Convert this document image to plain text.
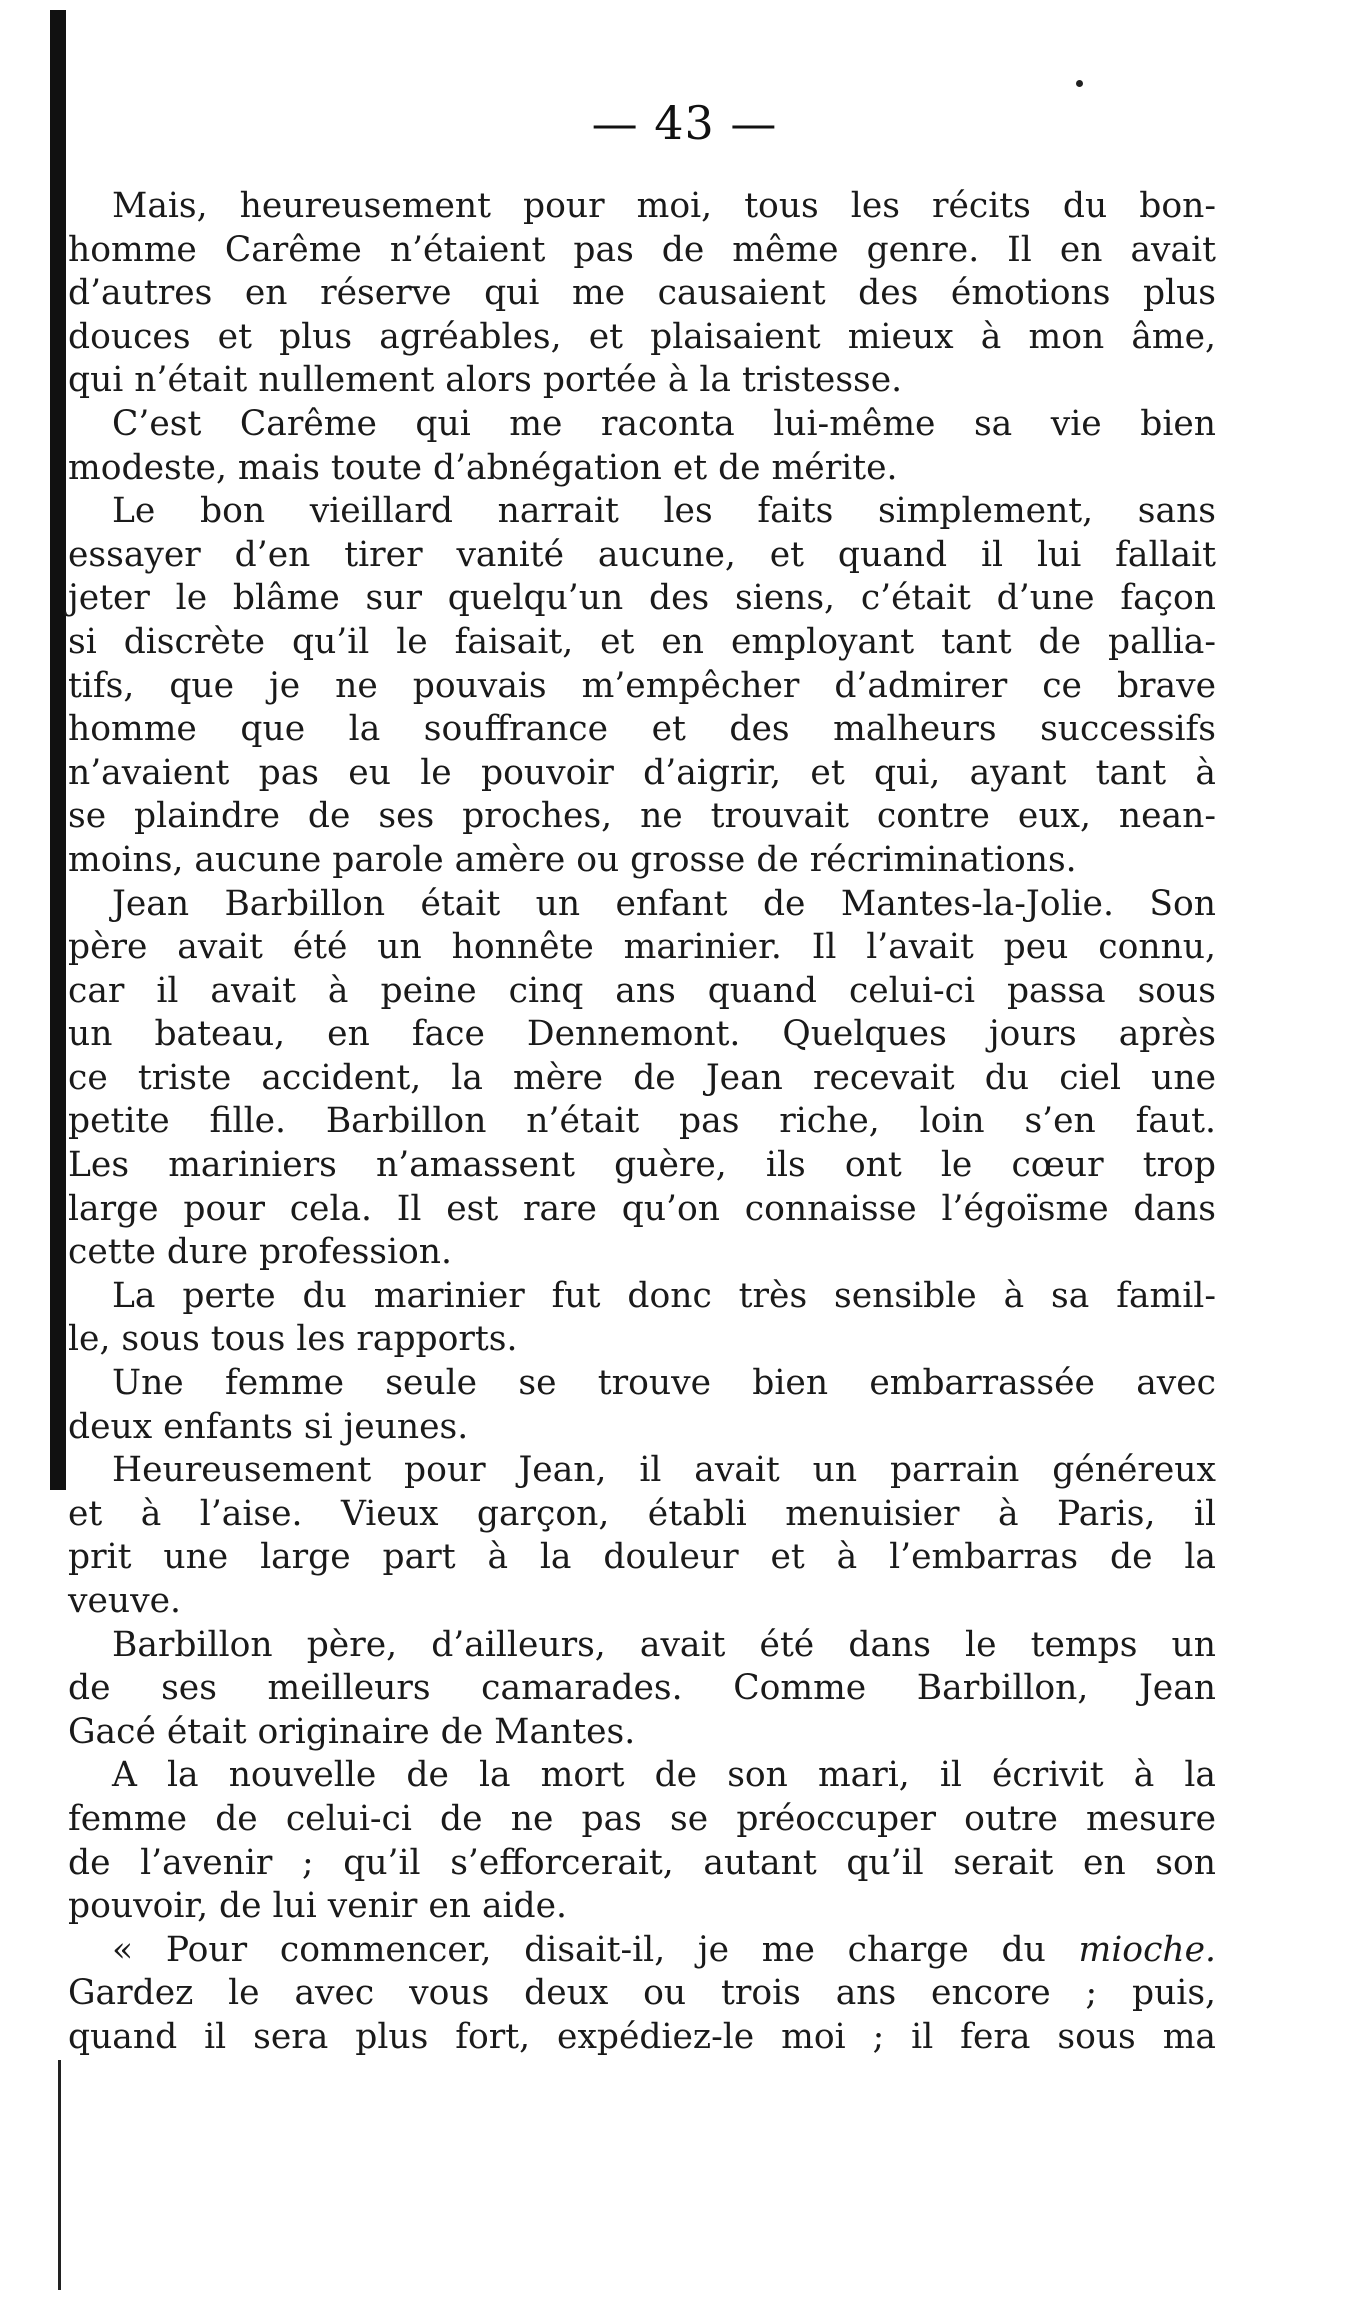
— 43 —

Mais, heureusement pour moi, tous les récits du bon-
homme Carême n’étaient pas de même genre. Il en avait
d’autres en réserve qui me causaient des émotions plus
douces et plus agréables, et plaisaient mieux à mon âme,
qui n’était nullement alors portée à la tristesse.
C’est Carême qui me raconta lui-même sa vie bien
modeste, mais toute d’abnégation et de mérite.
Le bon vieillard narrait les faits simplement, sans
essayer d’en tirer vanité aucune, et quand il lui fallait
jeter le blâme sur quelqu’un des siens, c’était d’une façon
si discrète qu’il le faisait, et en employant tant de pallia-
tifs, que je ne pouvais m’empêcher d’admirer ce brave
homme que la souffrance et des malheurs successifs
n’avaient pas eu le pouvoir d’aigrir, et qui, ayant tant à
se plaindre de ses proches, ne trouvait contre eux, nean-
moins, aucune parole amère ou grosse de récriminations.
Jean Barbillon était un enfant de Mantes-la-Jolie. Son
père avait été un honnête marinier. Il l’avait peu connu,
car il avait à peine cinq ans quand celui-ci passa sous
un bateau, en face Dennemont. Quelques jours après
ce triste accident, la mère de Jean recevait du ciel une
petite fille. Barbillon n’était pas riche, loin s’en faut.
Les mariniers n’amassent guère, ils ont le cœur trop
large pour cela. Il est rare qu’on connaisse l’égoïsme dans
cette dure profession.
La perte du marinier fut donc très sensible à sa famil-
le, sous tous les rapports.
Une femme seule se trouve bien embarrassée avec
deux enfants si jeunes.
Heureusement pour Jean, il avait un parrain généreux
et à l’aise. Vieux garçon, établi menuisier à Paris, il
prit une large part à la douleur et à l’embarras de la
veuve.
Barbillon père, d’ailleurs, avait été dans le temps un
de ses meilleurs camarades. Comme Barbillon, Jean
Gacé était originaire de Mantes.
A la nouvelle de la mort de son mari, il écrivit à la
femme de celui-ci de ne pas se préoccuper outre mesure
de l’avenir ; qu’il s’efforcerait, autant qu’il serait en son
pouvoir, de lui venir en aide.
« Pour commencer, disait-il, je me charge du mioche.
Gardez le avec vous deux ou trois ans encore ; puis,
quand il sera plus fort, expédiez-le moi ; il fera sous ma
